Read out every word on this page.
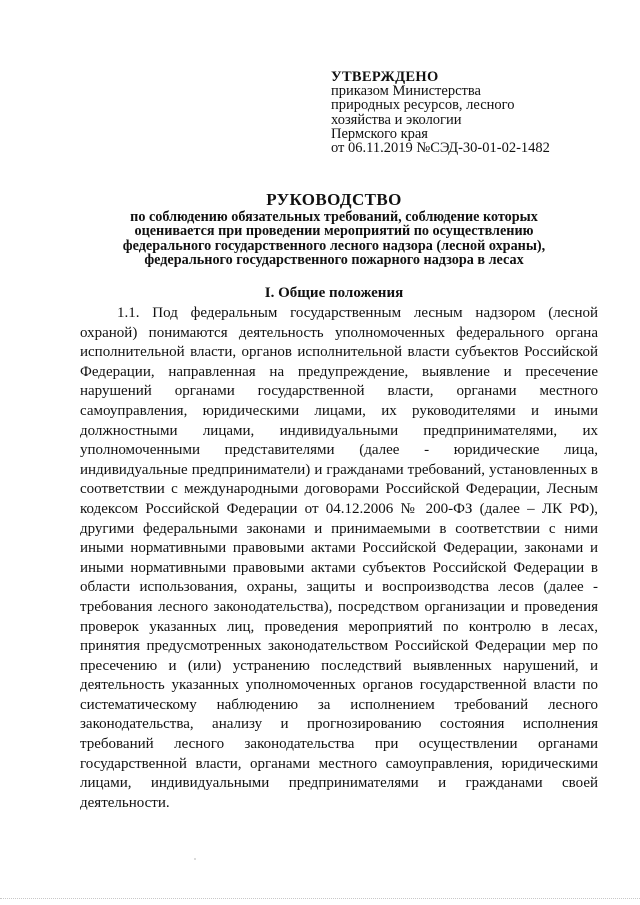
УТВЕРЖДЕНО
приказом Министерства
природных ресурсов, лесного
хозяйства и экологии
Пермского края
от 06.11.2019 №СЭД-30-01-02-1482
РУКОВОДСТВО
по соблюдению обязательных требований, соблюдение которых
оценивается при проведении мероприятий по осуществлению
федерального государственного лесного надзора (лесной охраны),
федерального государственного пожарного надзора в лесах
I. Общие положения
1.1. Под федеральным государственным лесным надзором (лесной охраной) понимаются деятельность уполномоченных федерального органа исполнительной власти, органов исполнительной власти субъектов Российской Федерации, направленная на предупреждение, выявление и пресечение нарушений органами государственной власти, органами местного самоуправления, юридическими лицами, их руководителями и иными должностными лицами, индивидуальными предпринимателями, их уполномоченными представителями (далее - юридические лица, индивидуальные предприниматели) и гражданами требований, установленных в соответствии с международными договорами Российской Федерации, Лесным кодексом Российской Федерации от 04.12.2006 № 200-ФЗ (далее – ЛК РФ), другими федеральными законами и принимаемыми в соответствии с ними иными нормативными правовыми актами Российской Федерации, законами и иными нормативными правовыми актами субъектов Российской Федерации в области использования, охраны, защиты и воспроизводства лесов (далее - требования лесного законодательства), посредством организации и проведения проверок указанных лиц, проведения мероприятий по контролю в лесах, принятия предусмотренных законодательством Российской Федерации мер по пресечению и (или) устранению последствий выявленных нарушений, и деятельность указанных уполномоченных органов государственной власти по систематическому наблюдению за исполнением требований лесного законодательства, анализу и прогнозированию состояния исполнения требований лесного законодательства при осуществлении органами государственной власти, органами местного самоуправления, юридическими лицами, индивидуальными предпринимателями и гражданами своей деятельности.
